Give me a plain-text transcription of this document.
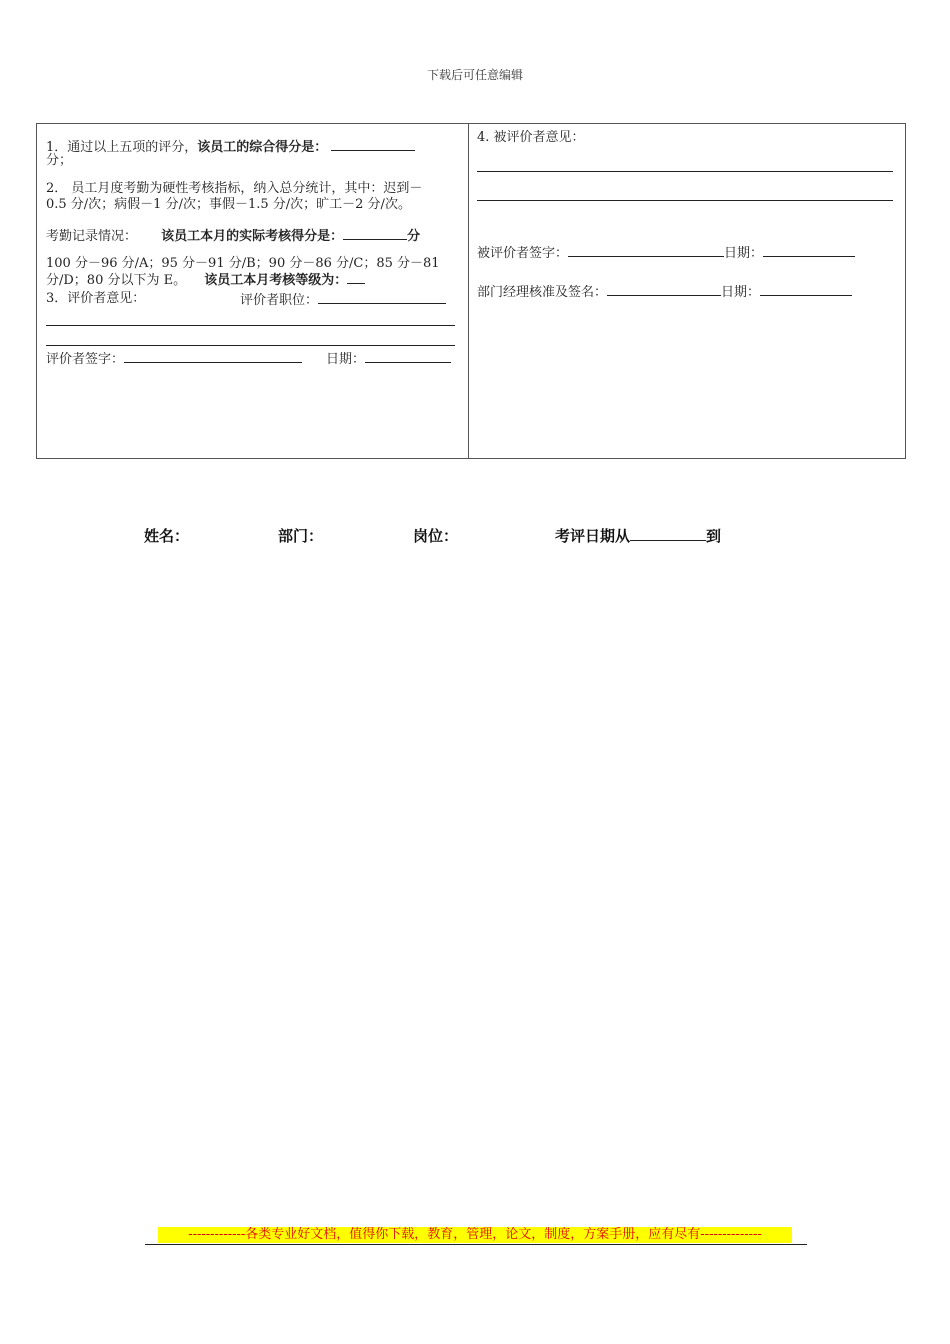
下载后可任意编辑
1．通过以上五项的评分，该员工的综合得分是：
分；
2． 员工月度考勤为硬性考核指标，纳入总分统计，其中：迟到－
0.5 分/次；病假－1 分/次；事假－1.5 分/次；旷工－2 分/次。
考勤记录情况： 该员工本月的实际考核得分是：	分
100 分－96 分/A；95 分－91 分/B；90 分－86 分/C；85 分－81
分/D；80 分以下为 E。 该员工本月考核等级为：
3．评价者意见：	评价者职位：
评价者签字：	日期：
4. 被评价者意见：
被评价者签字：	日期：
部门经理核准及签名：	日期：
姓名：	部门：	岗位：	考评日期从	到
-------------各类专业好文档，值得你下载，教育，管理，论文，制度，方案手册，应有尽有--------------
